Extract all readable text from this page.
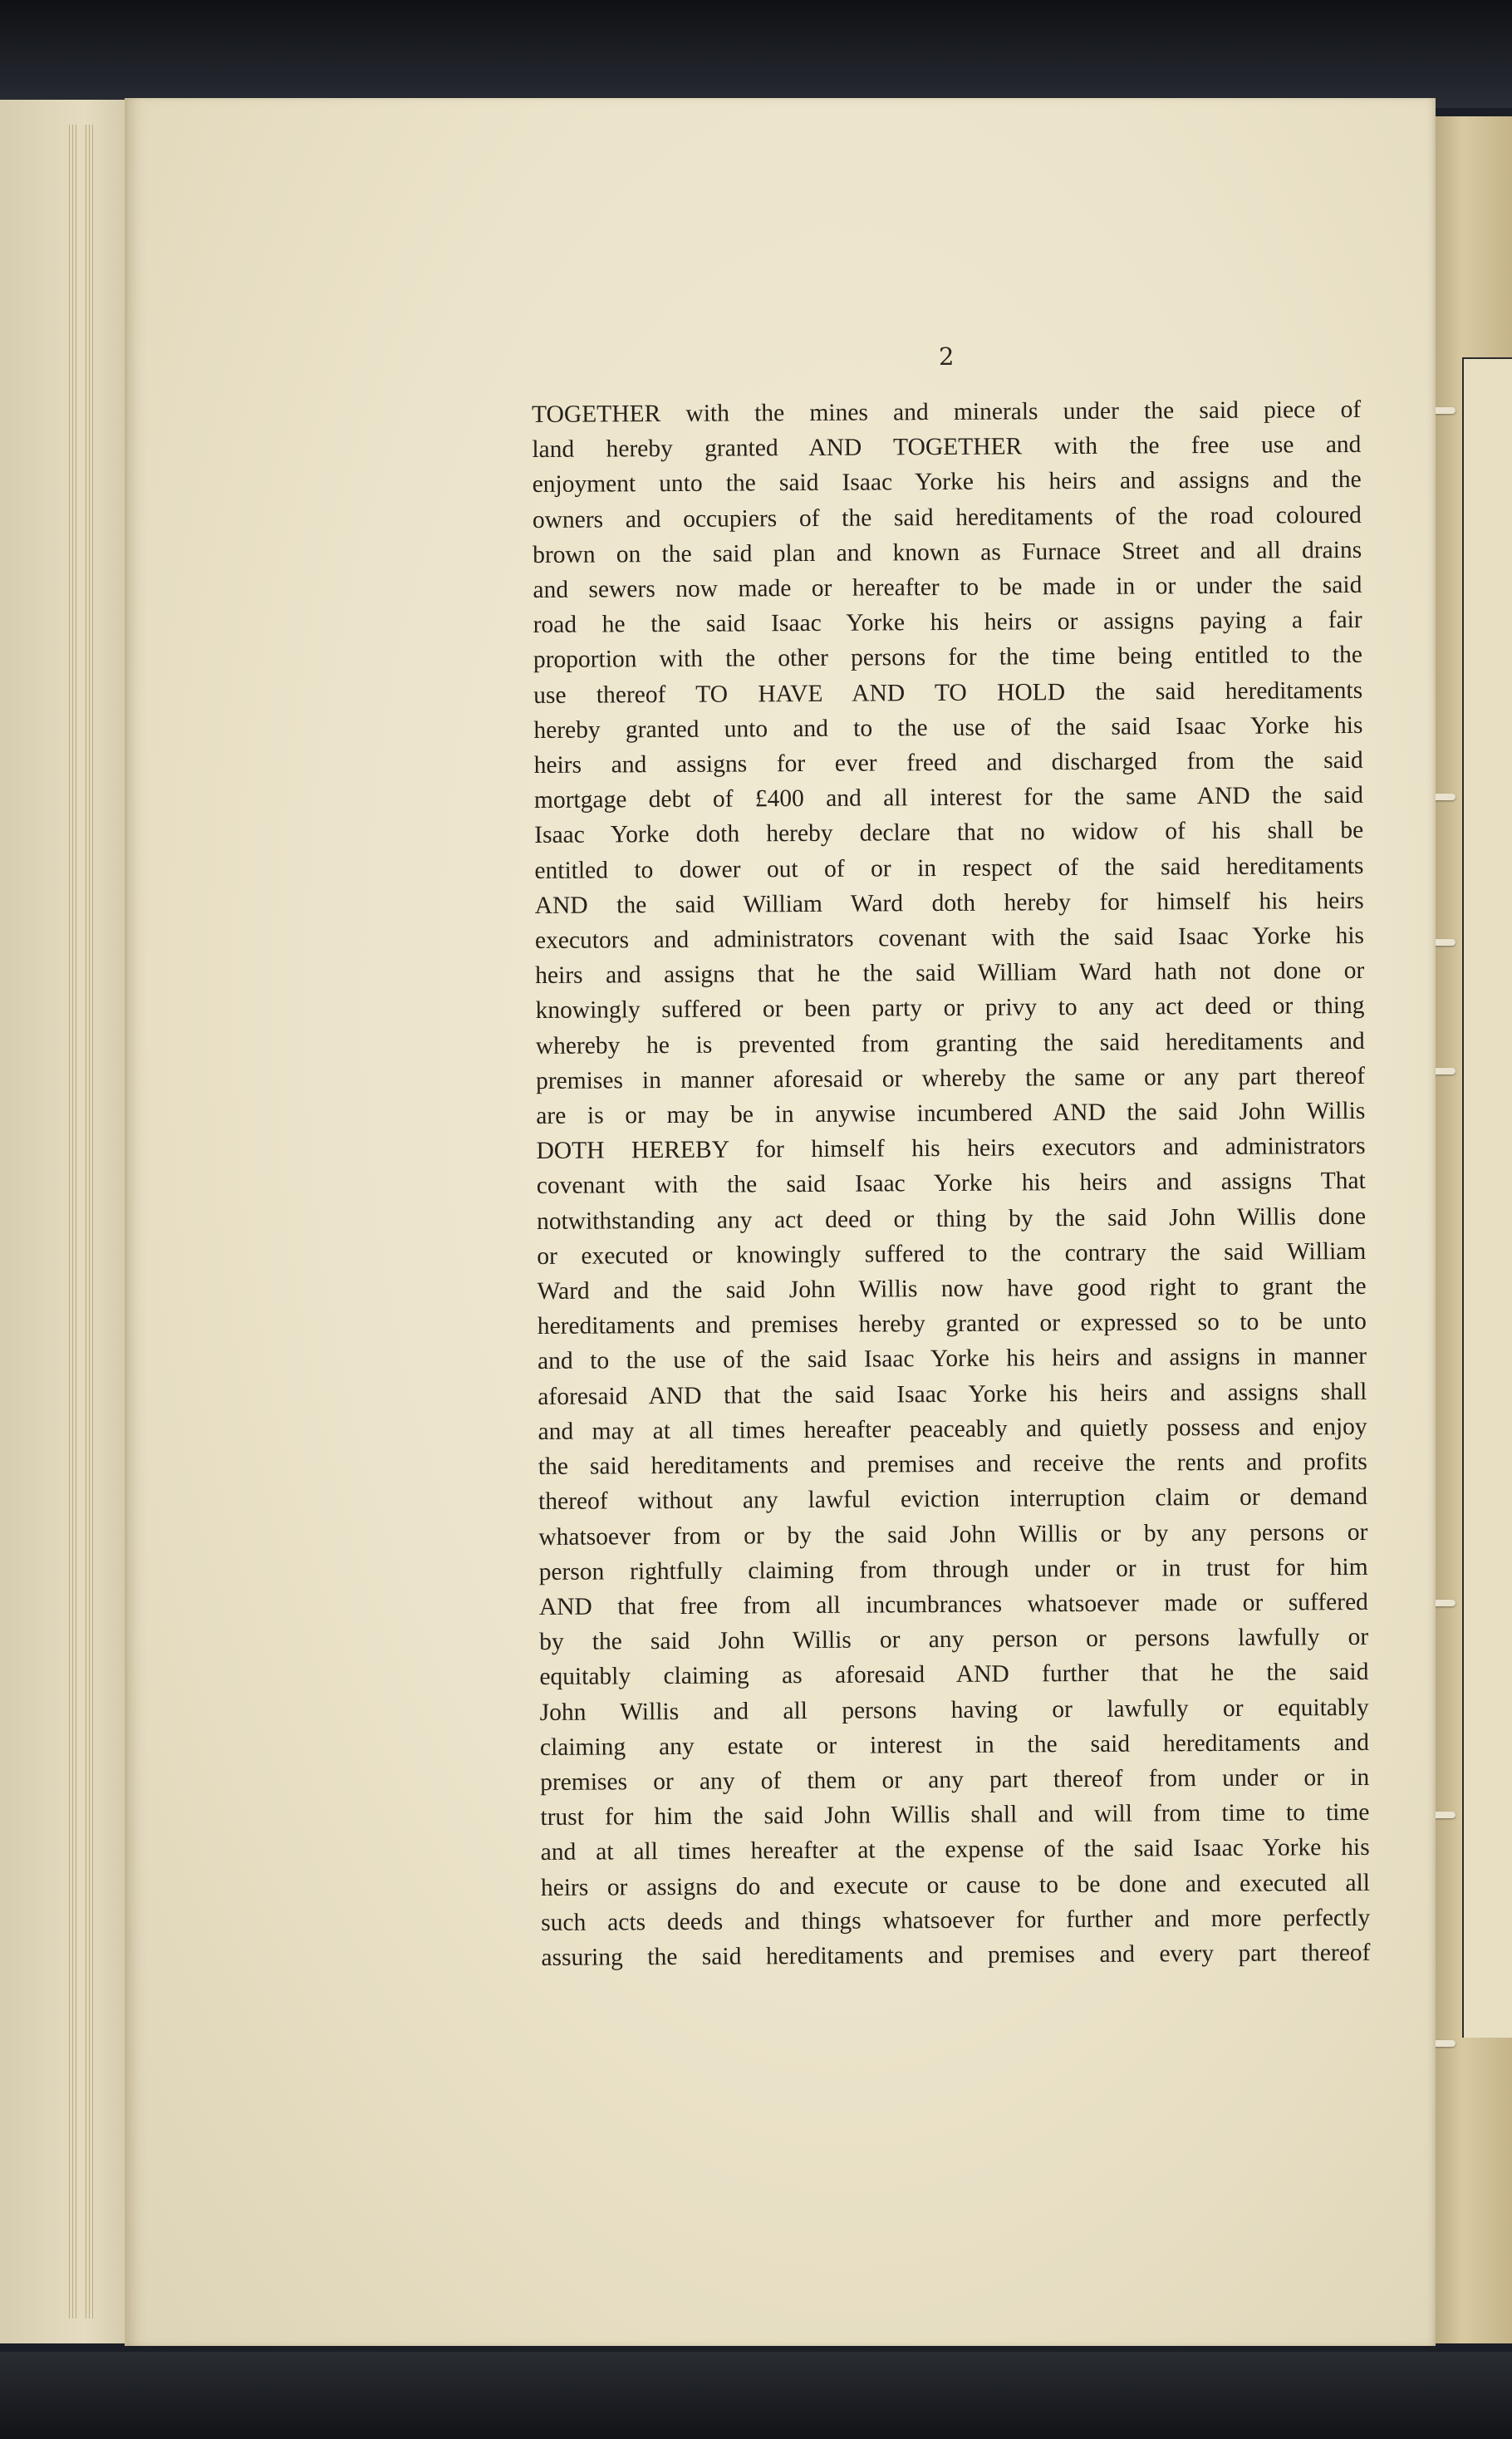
2
TOGETHER with the mines and minerals under the said piece of
land hereby granted AND TOGETHER with the free use and
enjoyment unto the said Isaac Yorke his heirs and assigns and the
owners and occupiers of the said hereditaments of the road coloured
brown on the said plan and known as Furnace Street and all drains
and sewers now made or hereafter to be made in or under the said
road he the said Isaac Yorke his heirs or assigns paying a fair
proportion with the other persons for the time being entitled to the
use thereof TO HAVE AND TO HOLD the said hereditaments
hereby granted unto and to the use of the said Isaac Yorke his
heirs and assigns for ever freed and discharged from the said
mortgage debt of £400 and all interest for the same AND the said
Isaac Yorke doth hereby declare that no widow of his shall be
entitled to dower out of or in respect of the said hereditaments
AND the said William Ward doth hereby for himself his heirs
executors and administrators covenant with the said Isaac Yorke his
heirs and assigns that he the said William Ward hath not done or
knowingly suffered or been party or privy to any act deed or thing
whereby he is prevented from granting the said hereditaments and
premises in manner aforesaid or whereby the same or any part thereof
are is or may be in anywise incumbered AND the said John Willis
DOTH HEREBY for himself his heirs executors and administrators
covenant with the said Isaac Yorke his heirs and assigns That
notwithstanding any act deed or thing by the said John Willis done
or executed or knowingly suffered to the contrary the said William
Ward and the said John Willis now have good right to grant the
hereditaments and premises hereby granted or expressed so to be unto
and to the use of the said Isaac Yorke his heirs and assigns in manner
aforesaid AND that the said Isaac Yorke his heirs and assigns shall
and may at all times hereafter peaceably and quietly possess and enjoy
the said hereditaments and premises and receive the rents and profits
thereof without any lawful eviction interruption claim or demand
whatsoever from or by the said John Willis or by any persons or
person rightfully claiming from through under or in trust for him
AND that free from all incumbrances whatsoever made or suffered
by the said John Willis or any person or persons lawfully or
equitably claiming as aforesaid AND further that he the said
John Willis and all persons having or lawfully or equitably
claiming any estate or interest in the said hereditaments and
premises or any of them or any part thereof from under or in
trust for him the said John Willis shall and will from time to time
and at all times hereafter at the expense of the said Isaac Yorke his
heirs or assigns do and execute or cause to be done and executed all
such acts deeds and things whatsoever for further and more perfectly
assuring the said hereditaments and premises and every part thereof
